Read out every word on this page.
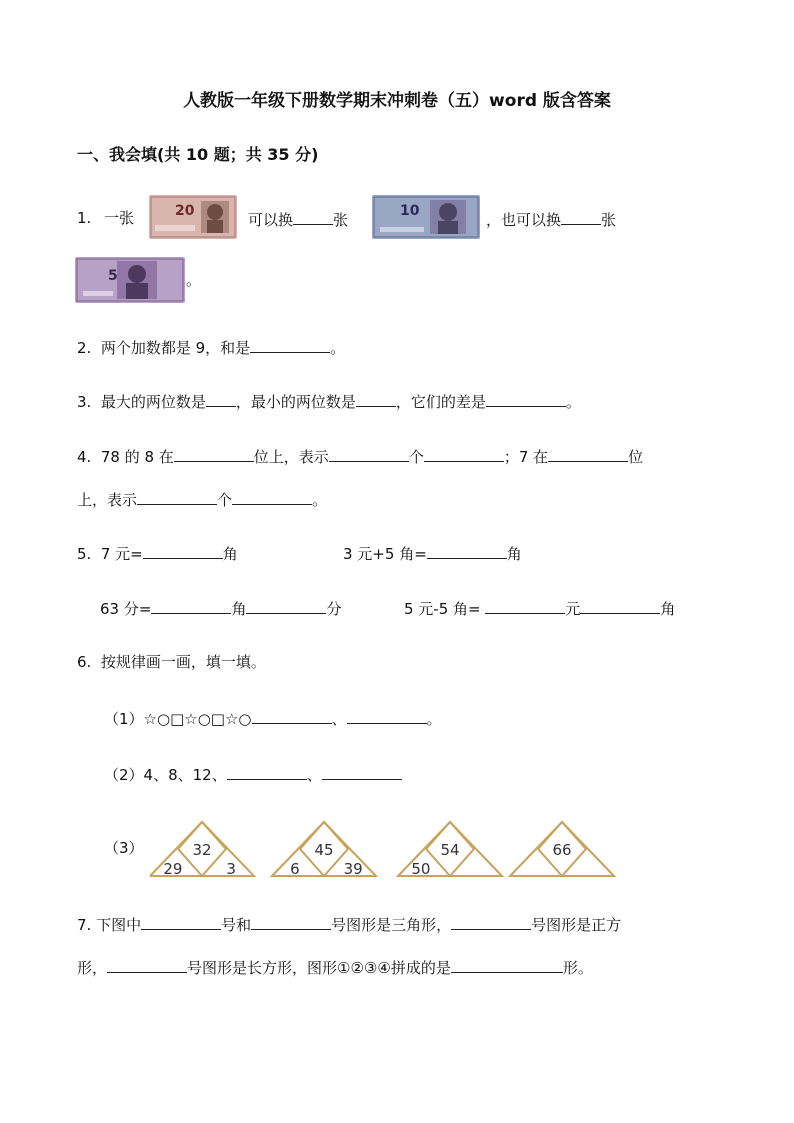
人教版一年级下册数学期末冲刺卷（五）word 版含答案
一、我会填(共 10 题；共 35 分)
1. 一张	20	可以换	张	10	，也可以换	张
5	。
2. 两个加数都是 9，和是	。
3. 最大的两位数是 ，最小的两位数是	，它们的差是	。
4. 78 的 8 在	位上，表示	个	；7 在	位
上，表示	个	。
5. 7 元=	角	3 元+5 角=	角
63 分=	角	分	5 元-5 角=	元	角
6. 按规律画一画，填一填。
（1）☆○□☆○□☆○	、	。
（2）4、8、12、	、
（3）	32
29	3
45
6	39
54
50
66
7. 下图中	号和	号图形是三角形，	号图形是正方
形，	号图形是长方形，图形①②③④拼成的是	形。
